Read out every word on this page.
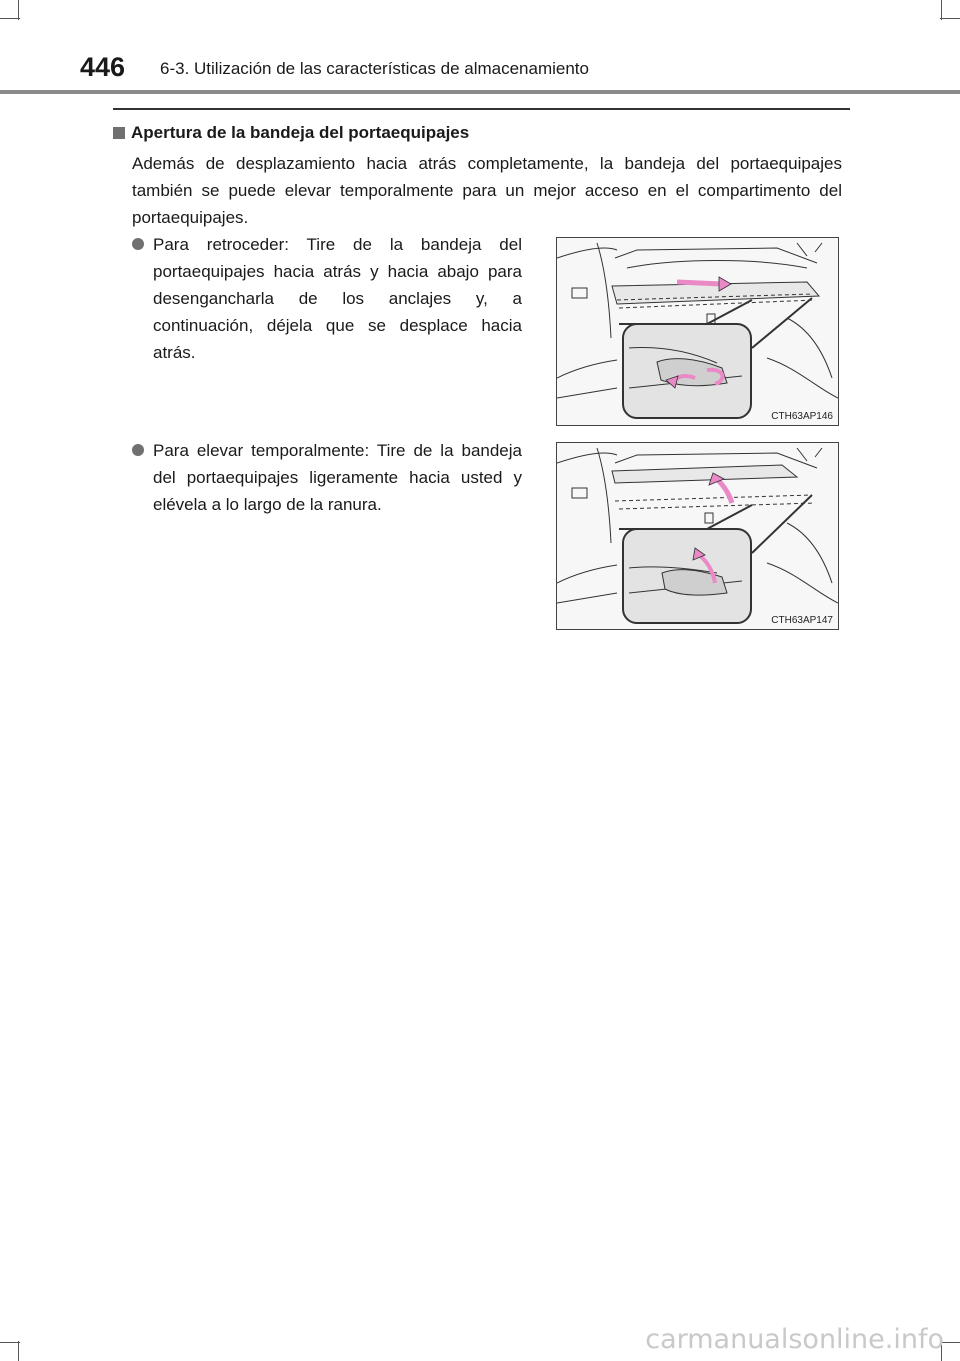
446 6-3. Utilización de las características de almacenamiento
Apertura de la bandeja del portaequipajes
Además de desplazamiento hacia atrás completamente, la bandeja del portaequipajes también se puede elevar temporalmente para un mejor acceso en el compartimento del portaequipajes.
Para retroceder: Tire de la bandeja del portaequipajes hacia atrás y hacia abajo para desengancharla de los anclajes y, a continuación, déjela que se desplace hacia atrás.
CTH63AP146
Para elevar temporalmente: Tire de la bandeja del portaequipajes ligeramente hacia usted y elévela a lo largo de la ranura.
CTH63AP147
carmanualsonline.info
